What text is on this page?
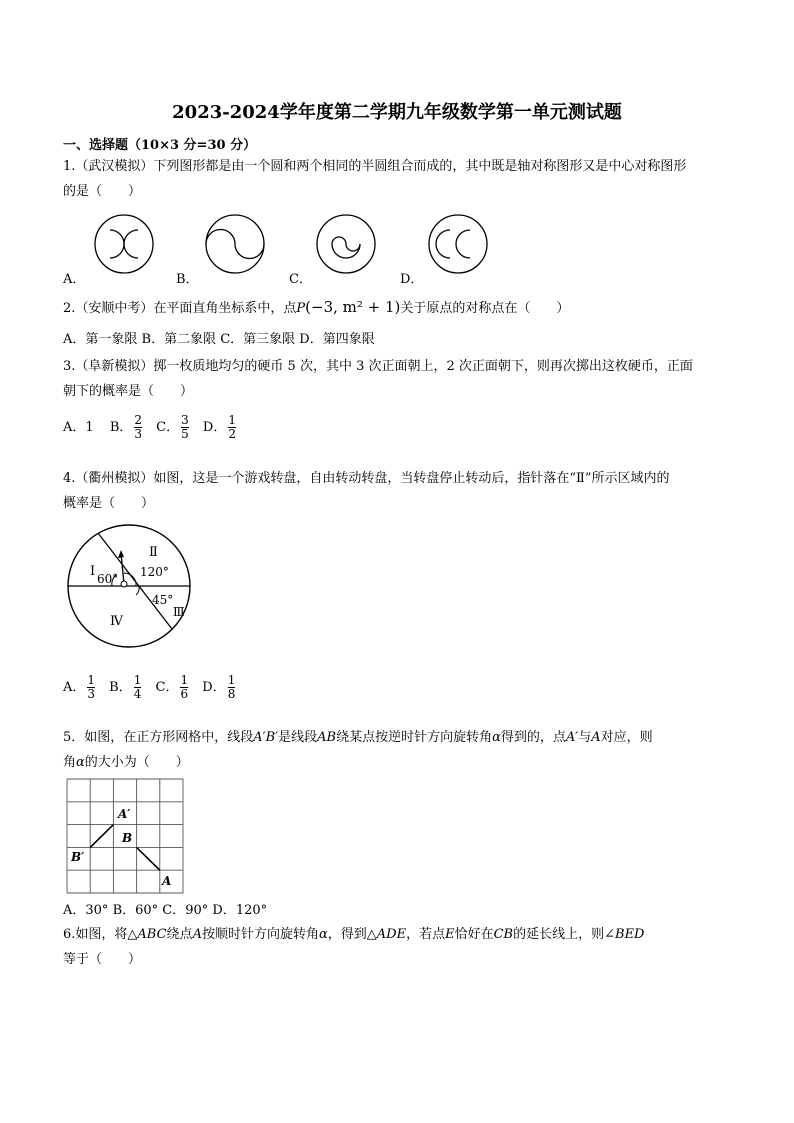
2023-2024学年度第二学期九年级数学第一单元测试题
一、选择题（10×3 分=30 分）
1.（武汉模拟）下列图形都是由一个圆和两个相同的半圆组合而成的，其中既是轴对称图形又是中心对称图形
的是（　　）
A．	B．	C．	D．
2.（安顺中考）在平面直角坐标系中，点P(−3, m² + 1)关于原点的对称点在（　　）
A．第一象限 B．第二象限 C．第三象限 D．第四象限
3.（阜新模拟）掷一枚质地均匀的硬币 5 次，其中 3 次正面朝上，2 次正面朝下，则再次掷出这枚硬币，正面
朝下的概率是（　　）
A．1 B． $\frac{2}{3}$ C． $\frac{3}{5}$ D． $\frac{1}{2}$
4.（衢州模拟）如图，这是一个游戏转盘，自由转动转盘，当转盘停止转动后，指针落在“Ⅱ”所示区域内的
概率是（　　）
Ⅰ 60°
Ⅱ
120°
45°
Ⅲ
Ⅳ
A． $\frac{1}{3}$ B． $\frac{1}{4}$ C． $\frac{1}{6}$ D． $\frac{1}{8}$
5．如图，在正方形网格中，线段A′B′是线段AB绕某点按逆时针方向旋转角α得到的，点A′与A对应，则
角α的大小为（　　）
A′
B
B′
A
A．30° B．60° C．90° D．120°
6.如图，将△ABC绕点A按顺时针方向旋转角α，得到△ADE，若点E恰好在CB的延长线上，则∠BED
等于（　　）
